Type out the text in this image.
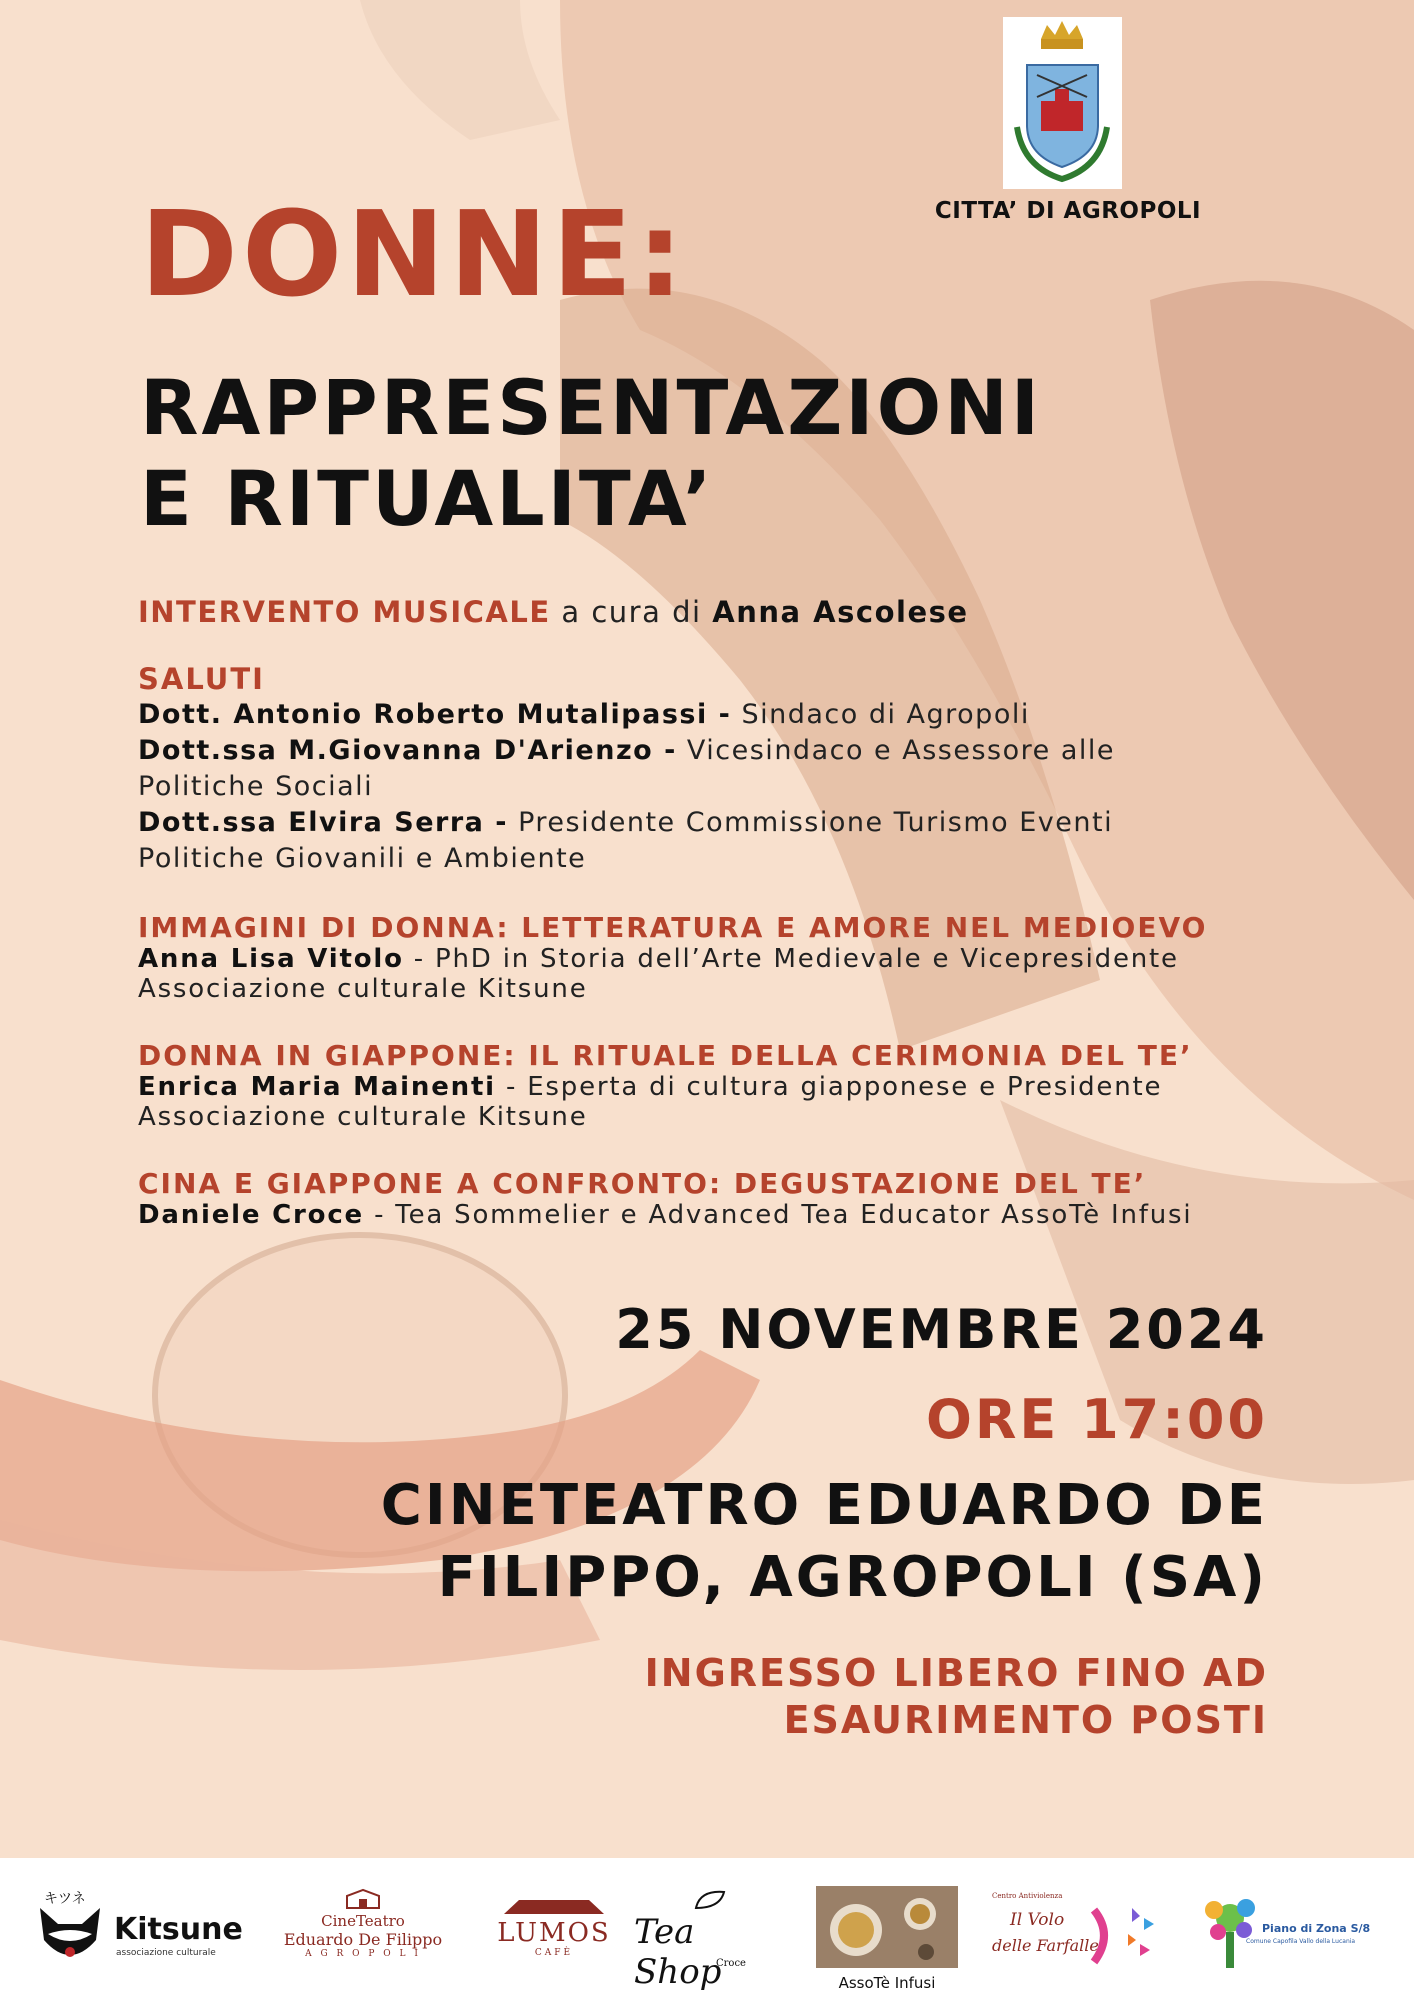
CITTA’ DI AGROPOLI
DONNE:
RAPPRESENTAZIONI
E RITUALITA’
INTERVENTO MUSICALE a cura di Anna Ascolese
SALUTI
Dott. Antonio Roberto Mutalipassi - Sindaco di Agropoli
Dott.ssa M.Giovanna D'Arienzo - Vicesindaco e Assessore alle Politiche Sociali
Dott.ssa Elvira Serra - Presidente Commissione Turismo Eventi Politiche Giovanili e Ambiente
IMMAGINI DI DONNA: LETTERATURA E AMORE NEL MEDIOEVO
Anna Lisa Vitolo - PhD in Storia dell’Arte Medievale e Vicepresidente Associazione culturale Kitsune
DONNA IN GIAPPONE: IL RITUALE DELLA CERIMONIA DEL TE’
Enrica Maria Mainenti - Esperta di cultura giapponese e Presidente Associazione culturale Kitsune
CINA E GIAPPONE A CONFRONTO: DEGUSTAZIONE DEL TE’
Daniele Croce - Tea Sommelier e Advanced Tea Educator AssoTè Infusi
25 NOVEMBRE 2024
ORE 17:00
CINETEATRO EDUARDO DE
FILIPPO, AGROPOLI (SA)
INGRESSO LIBERO FINO AD
ESAURIMENTO POSTI
キツネ
Kitsune
associazione culturale
CineTeatro
Eduardo De Filippo
A G R O P O L I
LUMOS
CAFÈ
Tea Shop
Croce
AssoTè Infusi
Centro Antiviolenza
Il Volo
delle Farfalle
Piano di Zona S/8
Comune Capofila Vallo della Lucania
